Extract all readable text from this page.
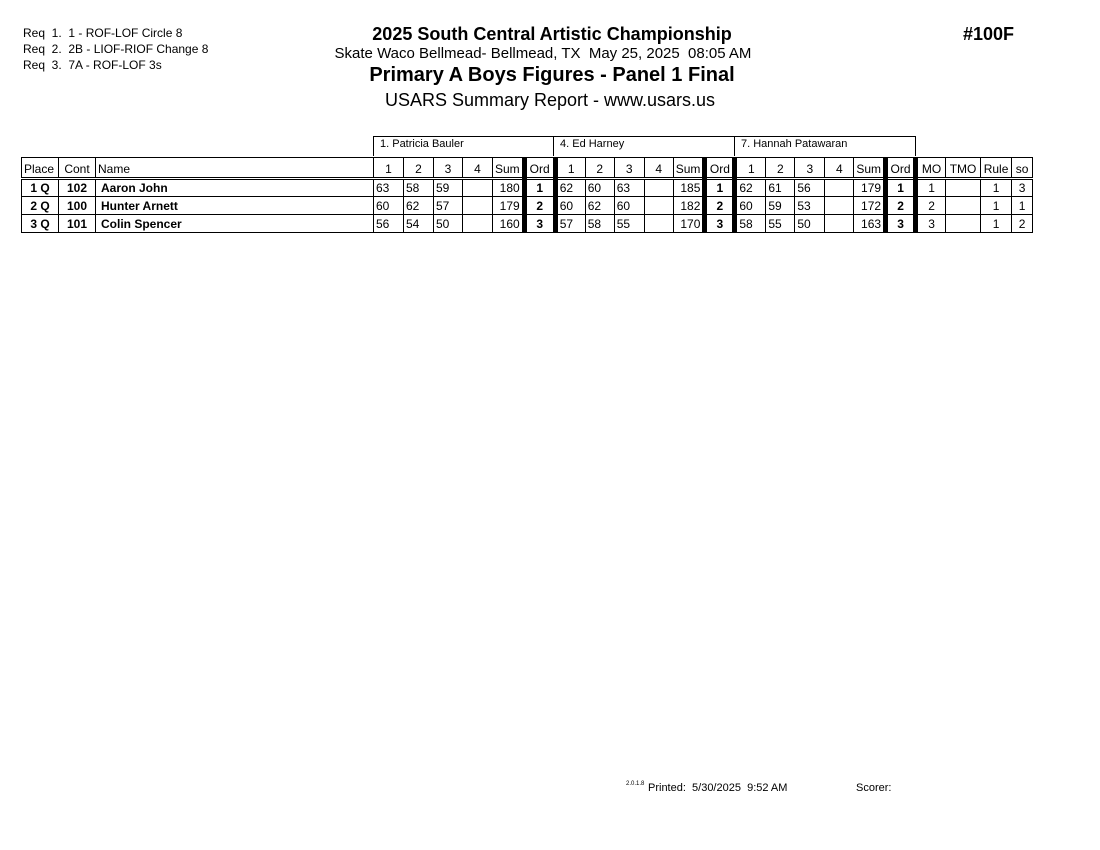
Req  1.  1 - ROF-LOF Circle 8
Req  2.  2B - LIOF-RIOF Change 8
Req  3.  7A - ROF-LOF 3s
2025 South Central Artistic Championship
Skate Waco Bellmead- Bellmead, TX  May 25, 2025  08:05 AM
Primary A Boys Figures - Panel 1 Final
USARS Summary Report - www.usars.us
#100F
1. Patricia Bauler	4. Ed Harney	7. Hannah Patawaran
Place	Cont	Name	1	2	3	4	Sum	Ord	1	2	3	4	Sum	Ord	1	2	3	4	Sum	Ord	MO	TMO	Rule	so
1 Q	102	Aaron John	63	58	59		180	1	62	60	63		185	1	62	61	56		179	1	1		1	3
2 Q	100	Hunter Arnett	60	62	57		179	2	60	62	60		182	2	60	59	53		172	2	2		1	1
3 Q	101	Colin Spencer	56	54	50		160	3	57	58	55		170	3	58	55	50		163	3	3		1	2
2.0.1.8 Printed:  5/30/2025  9:52 AM	Scorer:
